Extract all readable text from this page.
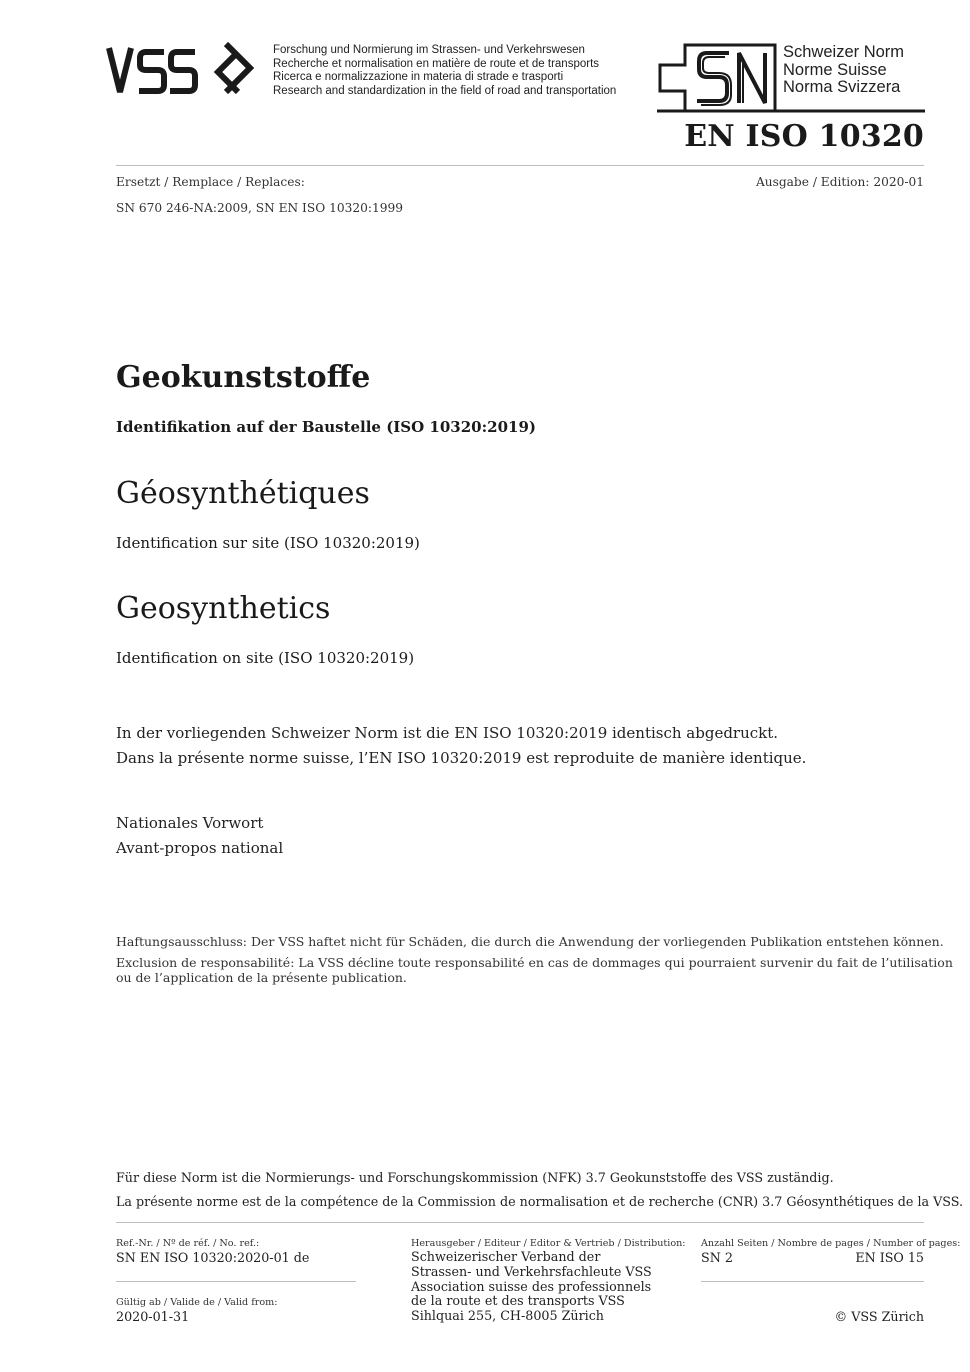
Forschung und Normierung im Strassen- und Verkehrswesen
Recherche et normalisation en matière de route et de transports
Ricerca e normalizzazione in materia di strade e trasporti
Research and standardization in the field of road and transportation
Schweizer Norm
Norme Suisse
Norma Svizzera
EN ISO 10320
Ersetzt / Remplace / Replaces:	Ausgabe / Edition: 2020-01
SN 670 246-NA:2009, SN EN ISO 10320:1999
Geokunststoffe
Identifikation auf der Baustelle (ISO 10320:2019)
Géosynthétiques
Identification sur site (ISO 10320:2019)
Geosynthetics
Identification on site (ISO 10320:2019)
In der vorliegenden Schweizer Norm ist die EN ISO 10320:2019 identisch abgedruckt.
Dans la présente norme suisse, l’EN ISO 10320:2019 est reproduite de manière identique.
Nationales Vorwort
Avant-propos national
Haftungsausschluss: Der VSS haftet nicht für Schäden, die durch die Anwendung der vorliegenden Publikation entstehen können.
Exclusion de responsabilité: La VSS décline toute responsabilité en cas de dommages qui pourraient survenir du fait de l’utilisation
ou de l’application de la présente publication.
Für diese Norm ist die Normierungs- und Forschungskommission (NFK) 3.7 Geokunststoffe des VSS zuständig.
La présente norme est de la compétence de la Commission de normalisation et de recherche (CNR) 3.7 Géosynthétiques de la VSS.
Ref.-Nr. / Nº de réf. / No. ref.:
SN EN ISO 10320:2020-01 de
Gültig ab / Valide de / Valid from:
2020-01-31
Herausgeber / Editeur / Editor & Vertrieb / Distribution:
Schweizerischer Verband der
Strassen- und Verkehrsfachleute VSS
Association suisse des professionnels
de la route et des transports VSS
Sihlquai 255, CH-8005 Zürich
Anzahl Seiten / Nombre de pages / Number of pages:
SN 2	EN ISO 15
© VSS Zürich
